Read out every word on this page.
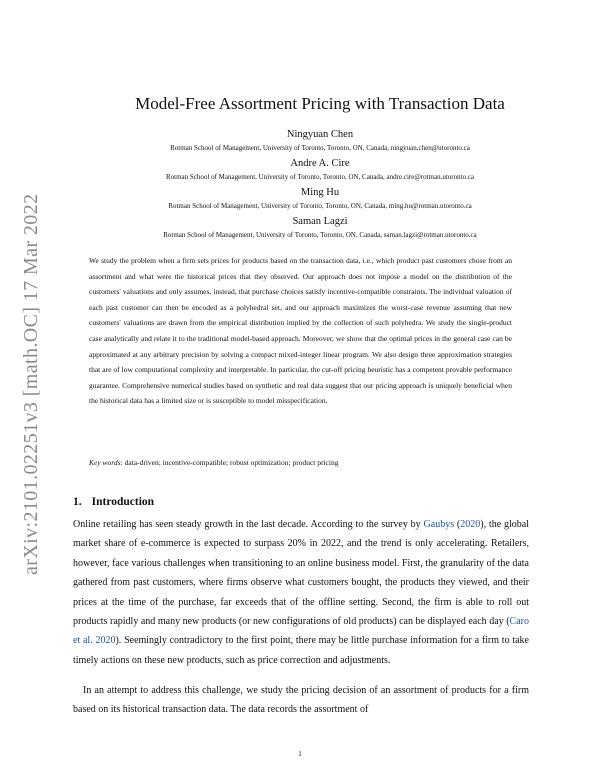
arXiv:2101.02251v3 [math.OC] 17 Mar 2022
Model-Free Assortment Pricing with Transaction Data
Ningyuan Chen
Rotman School of Management, University of Toronto, Toronto, ON, Canada, ningyuan.chen@utoronto.ca
Andre A. Cire
Rotman School of Management, University of Toronto, Toronto, ON, Canada, andre.cire@rotman.utoronto.ca
Ming Hu
Rotman School of Management, University of Toronto, Toronto, ON, Canada, ming.hu@rotman.utoronto.ca
Saman Lagzi
Rotman School of Management, University of Toronto, Toronto, ON, Canada, saman.lagzi@rotman.utoronto.ca
We study the problem when a firm sets prices for products based on the transaction data, i.e., which product past customers chose from an assortment and what were the historical prices that they observed. Our approach does not impose a model on the distribution of the customers' valuations and only assumes, instead, that purchase choices satisfy incentive-compatible constraints. The individual valuation of each past customer can then be encoded as a polyhedral set, and our approach maximizes the worst-case revenue assuming that new customers' valuations are drawn from the empirical distribution implied by the collection of such polyhedra. We study the single-product case analytically and relate it to the traditional model-based approach. Moreover, we show that the optimal prices in the general case can be approximated at any arbitrary precision by solving a compact mixed-integer linear program. We also design three approximation strategies that are of low computational complexity and interpretable. In particular, the cut-off pricing heuristic has a competent provable performance guarantee. Comprehensive numerical studies based on synthetic and real data suggest that our pricing approach is uniquely beneficial when the historical data has a limited size or is susceptible to model misspecification.
Key words: data-driven; incentive-compatible; robust optimization; product pricing
1. Introduction
Online retailing has seen steady growth in the last decade. According to the survey by Gaubys (2020), the global market share of e-commerce is expected to surpass 20% in 2022, and the trend is only accelerating. Retailers, however, face various challenges when transitioning to an online business model. First, the granularity of the data gathered from past customers, where firms observe what customers bought, the products they viewed, and their prices at the time of the purchase, far exceeds that of the offline setting. Second, the firm is able to roll out products rapidly and many new products (or new configurations of old products) can be displayed each day (Caro et al. 2020). Seemingly contradictory to the first point, there may be little purchase information for a firm to take timely actions on these new products, such as price correction and adjustments.
In an attempt to address this challenge, we study the pricing decision of an assortment of products for a firm based on its historical transaction data. The data records the assortment of
1
